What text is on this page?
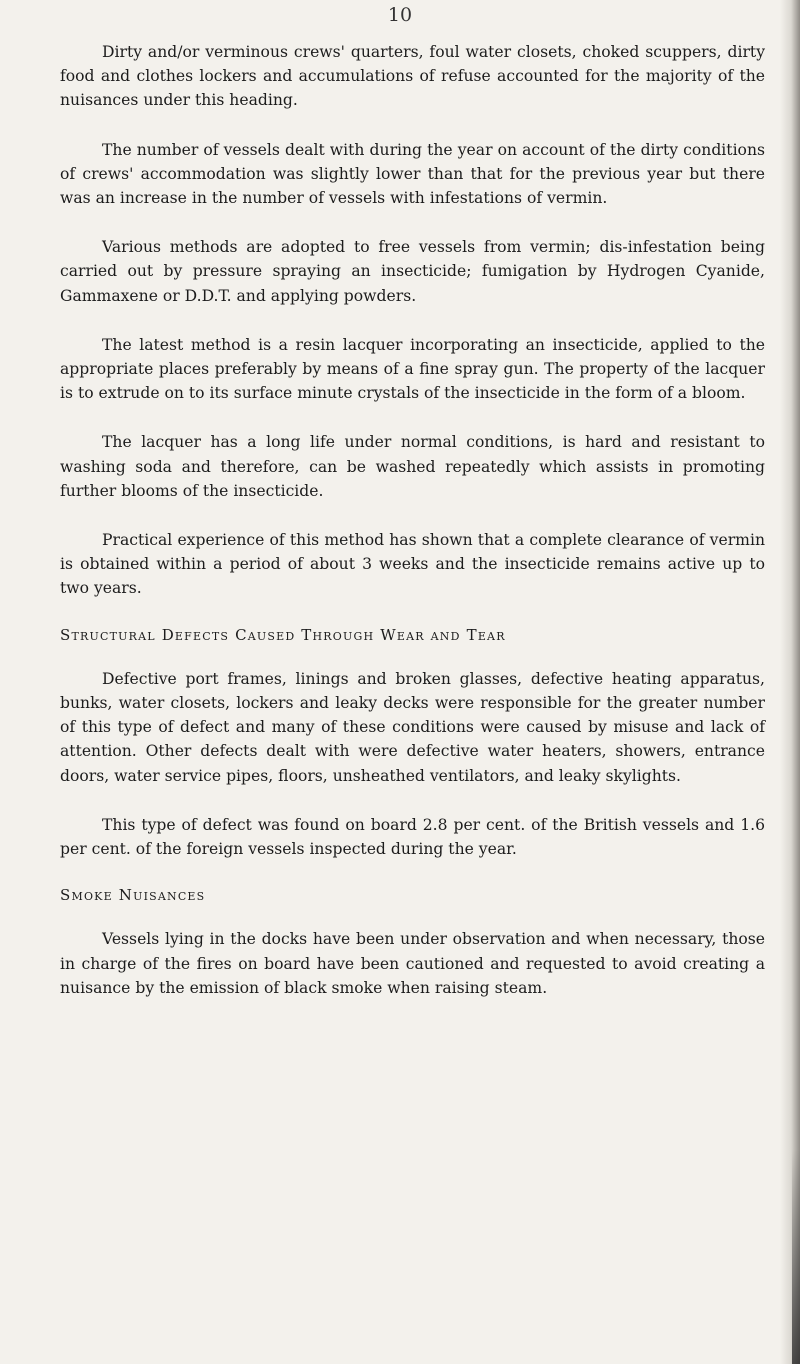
10

Dirty and/or verminous crews' quarters, foul water closets, choked scuppers, dirty food and clothes lockers and accumulations of refuse accounted for the majority of the nuisances under this heading.

The number of vessels dealt with during the year on account of the dirty conditions of crews' accommodation was slightly lower than that for the previous year but there was an increase in the number of vessels with infestations of vermin.

Various methods are adopted to free vessels from vermin; dis-infestation being carried out by pressure spraying an insecticide; fumigation by Hydrogen Cyanide, Gammaxene or D.D.T. and applying powders.

The latest method is a resin lacquer incorporating an insecticide, applied to the appropriate places preferably by means of a fine spray gun. The property of the lacquer is to extrude on to its surface minute crystals of the insecticide in the form of a bloom.

The lacquer has a long life under normal conditions, is hard and resistant to washing soda and therefore, can be washed repeatedly which assists in promoting further blooms of the insecticide.

Practical experience of this method has shown that a complete clearance of vermin is obtained within a period of about 3 weeks and the insecticide remains active up to two years.

Structural Defects Caused Through Wear and Tear

Defective port frames, linings and broken glasses, defective heating apparatus, bunks, water closets, lockers and leaky decks were responsible for the greater number of this type of defect and many of these conditions were caused by misuse and lack of attention. Other defects dealt with were defective water heaters, showers, entrance doors, water service pipes, floors, unsheathed ventilators, and leaky skylights.

This type of defect was found on board 2.8 per cent. of the British vessels and 1.6 per cent. of the foreign vessels inspected during the year.

Smoke Nuisances

Vessels lying in the docks have been under observation and when necessary, those in charge of the fires on board have been cautioned and requested to avoid creating a nuisance by the emission of black smoke when raising steam.
